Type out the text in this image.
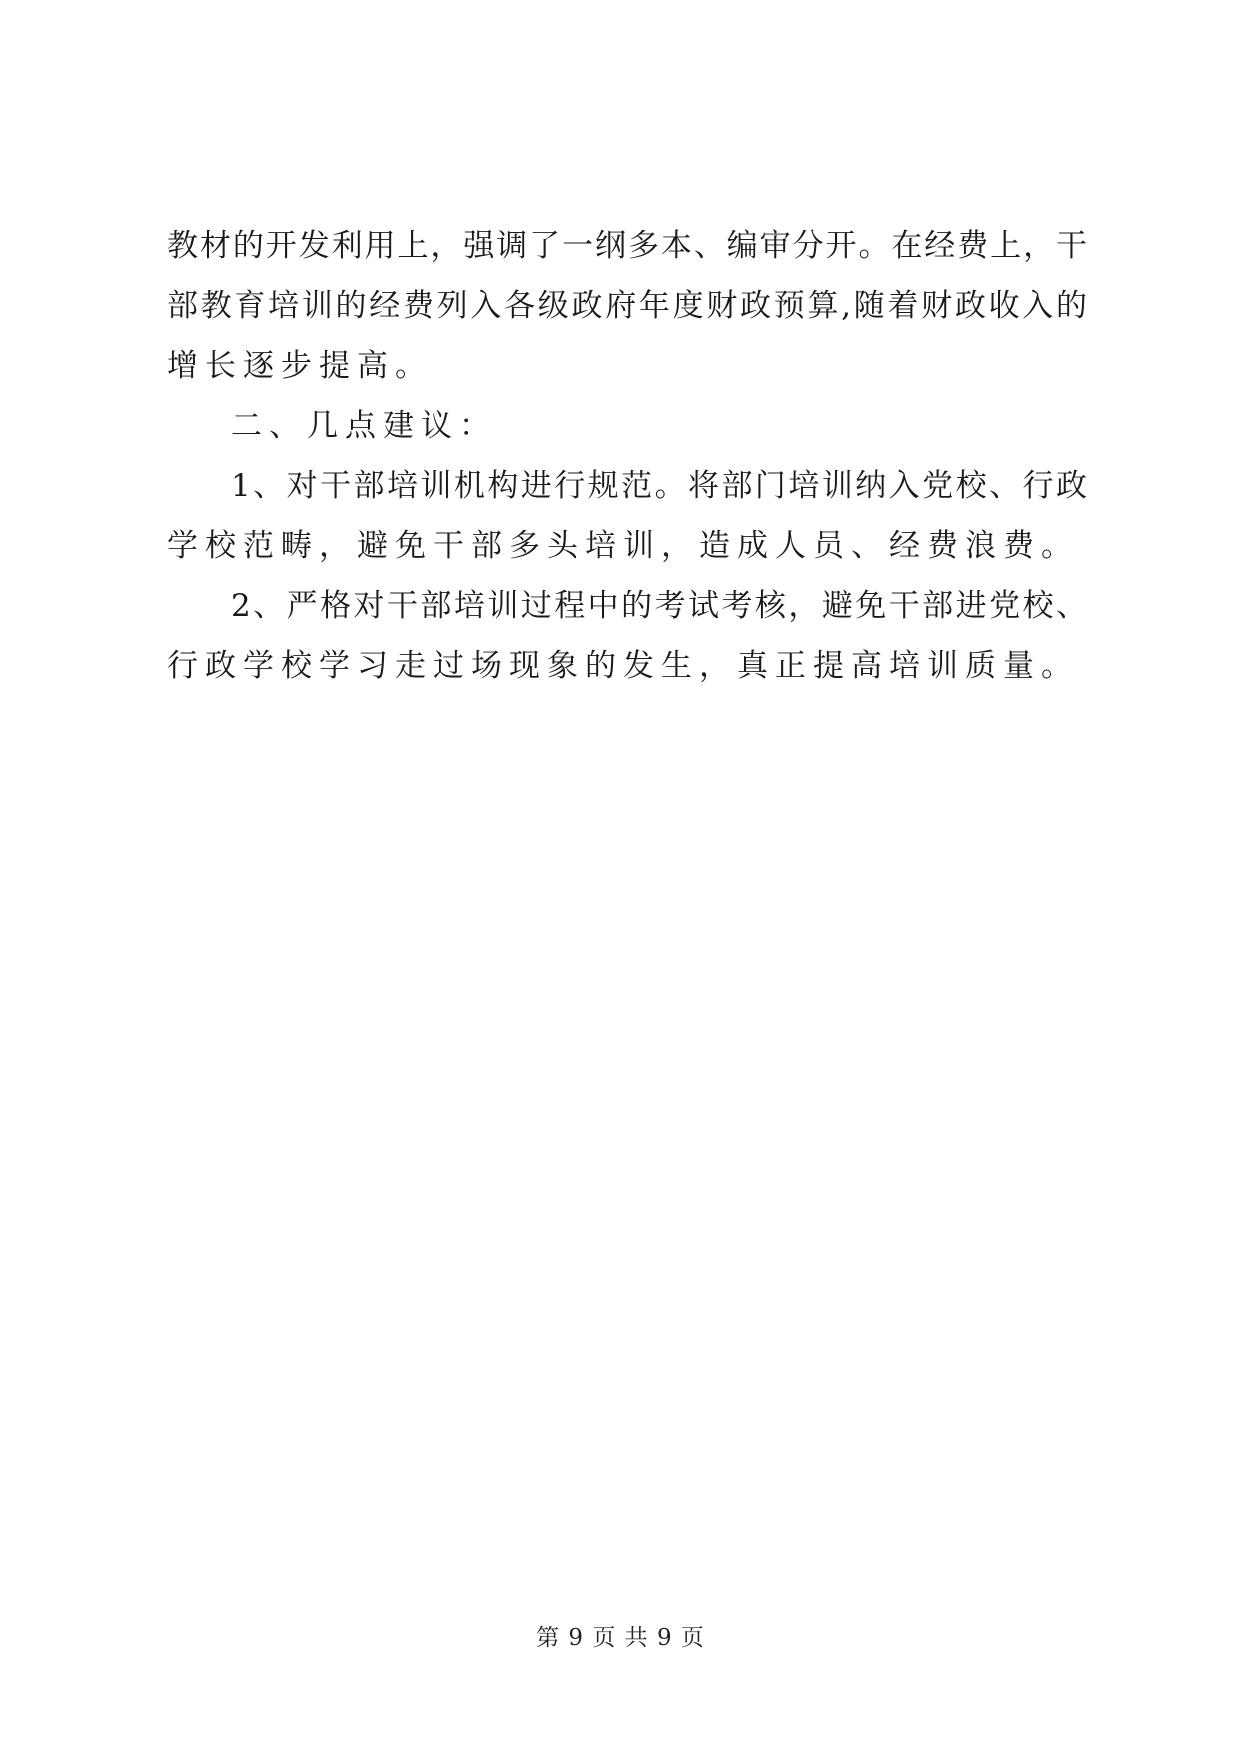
教材的开发利用上，强调了一纲多本、编审分开。在经费上，干
部教育培训的经费列入各级政府年度财政预算,随着财政收入的
增长逐步提高。
二、几点建议：
1、对干部培训机构进行规范。将部门培训纳入党校、行政
学校范畴，避免干部多头培训，造成人员、经费浪费。
2、严格对干部培训过程中的考试考核，避免干部进党校、
行政学校学习走过场现象的发生，真正提高培训质量。
第 9 页 共 9 页
